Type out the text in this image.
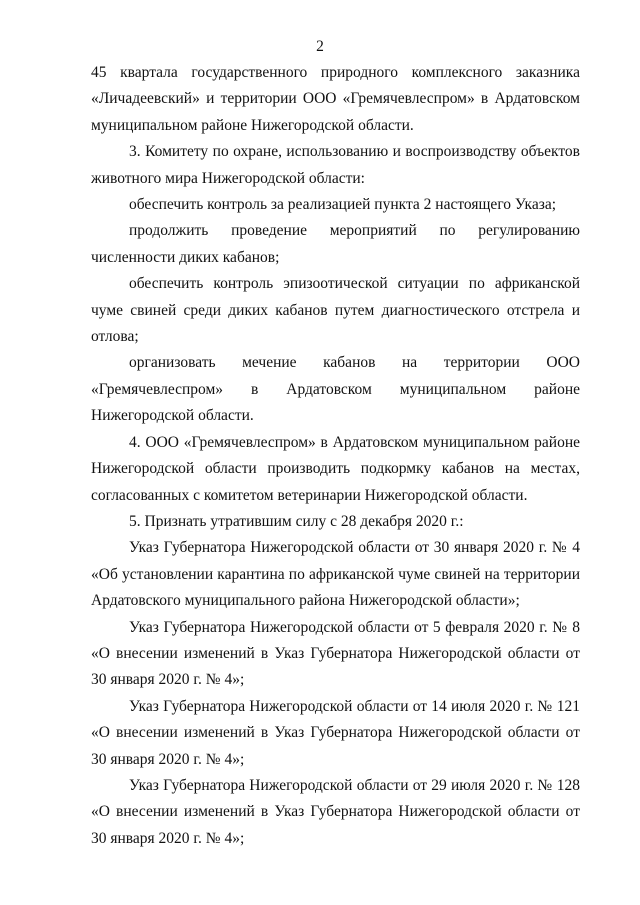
2

45 квартала государственного природного комплексного заказника «Личадеевский» и территории ООО «Гремячевлеспром» в Ардатовском муниципальном районе Нижегородской области.

3. Комитету по охране, использованию и воспроизводству объектов животного мира Нижегородской области:

обеспечить контроль за реализацией пункта 2 настоящего Указа;

продолжить проведение мероприятий по регулированию численности диких кабанов;

обеспечить контроль эпизоотической ситуации по африканской чуме свиней среди диких кабанов путем диагностического отстрела и отлова;

организовать мечение кабанов на территории ООО «Гремячевлеспром» в Ардатовском муниципальном районе Нижегородской области.

4. ООО «Гремячевлеспром» в Ардатовском муниципальном районе Нижегородской области производить подкормку кабанов на местах, согласованных с комитетом ветеринарии Нижегородской области.

5. Признать утратившим силу с 28 декабря 2020 г.:

Указ Губернатора Нижегородской области от 30 января 2020 г. № 4 «Об установлении карантина по африканской чуме свиней на территории Ардатовского муниципального района Нижегородской области»;

Указ Губернатора Нижегородской области от 5 февраля 2020 г. № 8 «О внесении изменений в Указ Губернатора Нижегородской области от 30 января 2020 г. № 4»;

Указ Губернатора Нижегородской области от 14 июля 2020 г. № 121 «О внесении изменений в Указ Губернатора Нижегородской области от 30 января 2020 г. № 4»;

Указ Губернатора Нижегородской области от 29 июля 2020 г. № 128 «О внесении изменений в Указ Губернатора Нижегородской области от 30 января 2020 г. № 4»;
